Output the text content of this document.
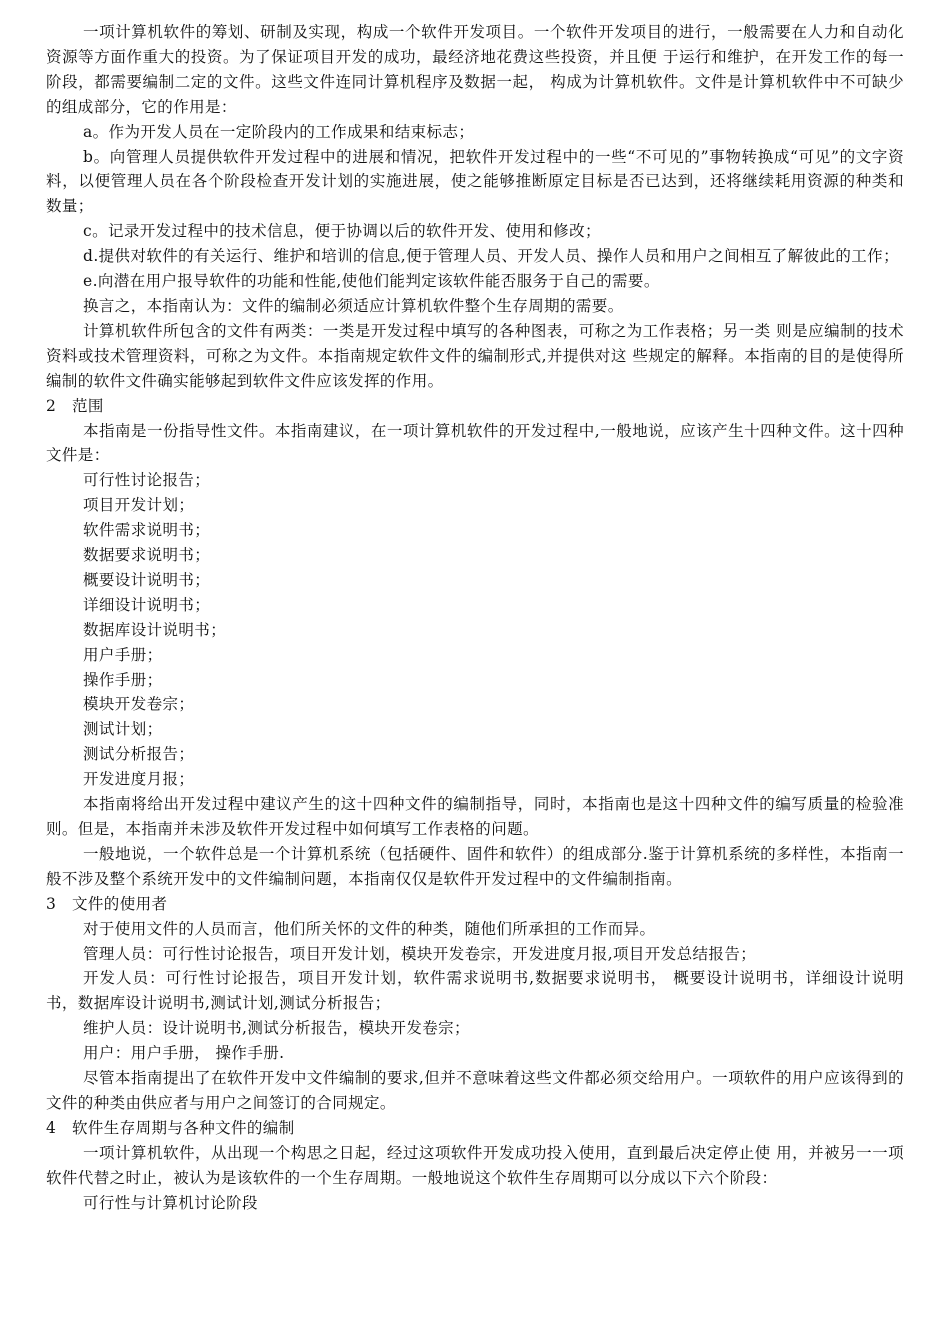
一项计算机软件的筹划、研制及实现，构成一个软件开发项目。一个软件开发项目的进行，一般需要在人力和自动化资源等方面作重大的投资。为了保证项目开发的成功，最经济地花费这些投资，并且便 于运行和维护，在开发工作的每一阶段，都需要编制二定的文件。这些文件连同计算机程序及数据一起， 构成为计算机软件。文件是计算机软件中不可缺少的组成部分，它的作用是：

a。作为开发人员在一定阶段内的工作成果和结束标志；

b。向管理人员提供软件开发过程中的进展和情况，把软件开发过程中的一些“不可见的”事物转换成“可见”的文字资料，以便管理人员在各个阶段检查开发计划的实施进展，使之能够推断原定目标是否已达到，还将继续耗用资源的种类和数量；

c。记录开发过程中的技术信息，便于协调以后的软件开发、使用和修改；

d.提供对软件的有关运行、维护和培训的信息,便于管理人员、开发人员、操作人员和用户之间相互了解彼此的工作；

e.向潜在用户报导软件的功能和性能,使他们能判定该软件能否服务于自己的需要。

换言之，本指南认为：文件的编制必须适应计算机软件整个生存周期的需要。

计算机软件所包含的文件有两类：一类是开发过程中填写的各种图表，可称之为工作表格；另一类 则是应编制的技术资料或技术管理资料，可称之为文件。本指南规定软件文件的编制形式,并提供对这 些规定的解释。本指南的目的是使得所编制的软件文件确实能够起到软件文件应该发挥的作用。

2 范围

本指南是一份指导性文件。本指南建议，在一项计算机软件的开发过程中,一般地说，应该产生十四种文件。这十四种文件是：

可行性讨论报告；
项目开发计划；
软件需求说明书；
数据要求说明书；
概要设计说明书；
详细设计说明书；
数据库设计说明书；
用户手册；
操作手册；
模块开发卷宗；
测试计划；
测试分析报告；
开发进度月报；

本指南将给出开发过程中建议产生的这十四种文件的编制指导，同时，本指南也是这十四种文件的编写质量的检验准则。但是，本指南并未涉及软件开发过程中如何填写工作表格的问题。

一般地说，一个软件总是一个计算机系统（包括硬件、固件和软件）的组成部分.鉴于计算机系统的多样性，本指南一般不涉及整个系统开发中的文件编制问题，本指南仅仅是软件开发过程中的文件编制指南。

3 文件的使用者

对于使用文件的人员而言，他们所关怀的文件的种类，随他们所承担的工作而异。

管理人员：可行性讨论报告，项目开发计划，模块开发卷宗，开发进度月报,项目开发总结报告；

开发人员：可行性讨论报告，项目开发计划，软件需求说明书,数据要求说明书， 概要设计说明书，详细设计说明书，数据库设计说明书,测试计划,测试分析报告；

维护人员：设计说明书,测试分析报告，模块开发卷宗；

用户：用户手册， 操作手册.

尽管本指南提出了在软件开发中文件编制的要求,但并不意味着这些文件都必须交给用户。一项软件的用户应该得到的文件的种类由供应者与用户之间签订的合同规定。

4 软件生存周期与各种文件的编制

一项计算机软件，从出现一个构思之日起，经过这项软件开发成功投入使用，直到最后决定停止使 用，并被另一一项软件代替之时止，被认为是该软件的一个生存周期。一般地说这个软件生存周期可以分成以下六个阶段：

可行性与计算机讨论阶段
